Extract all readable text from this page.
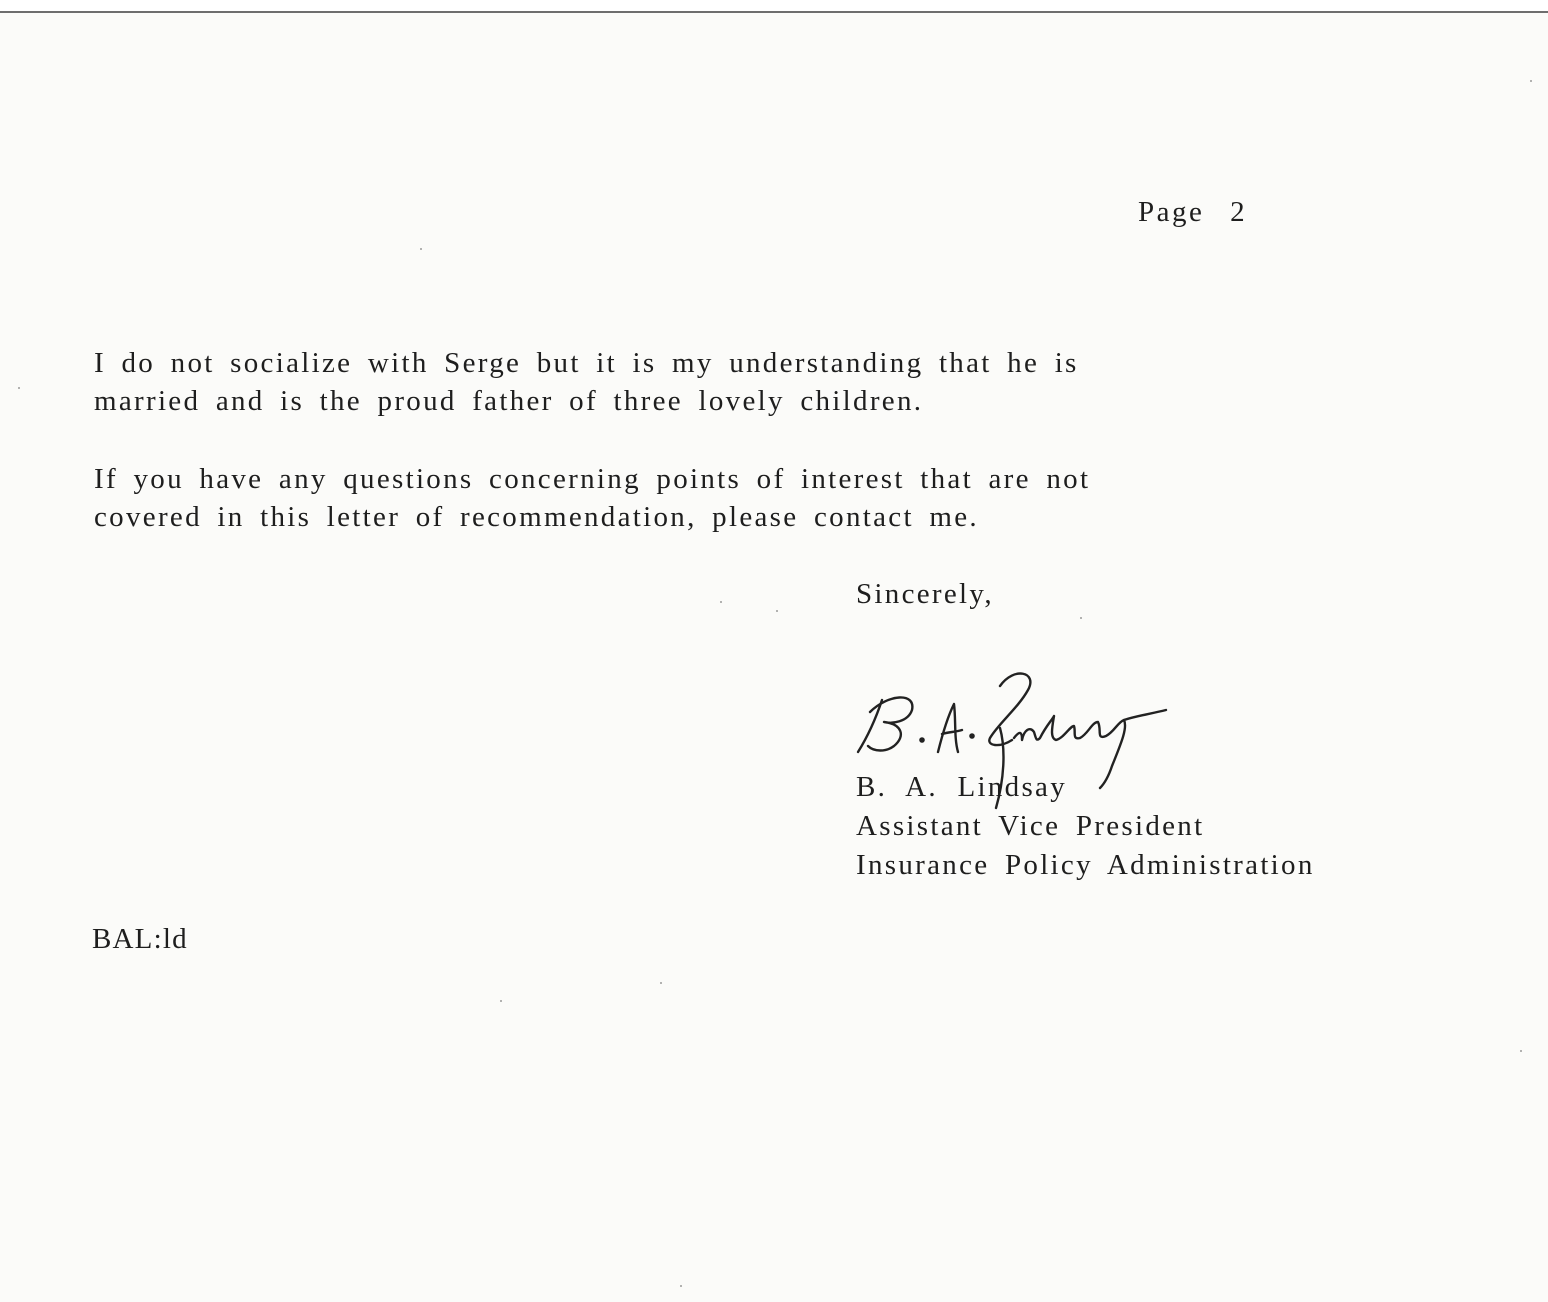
Page 2
I do not socialize with Serge but it is my understanding that he is
married and is the proud father of three lovely children.
If you have any questions concerning points of interest that are not
covered in this letter of recommendation, please contact me.
Sincerely,
B. A. Lindsay
Assistant Vice President
Insurance Policy Administration
BAL:ld
